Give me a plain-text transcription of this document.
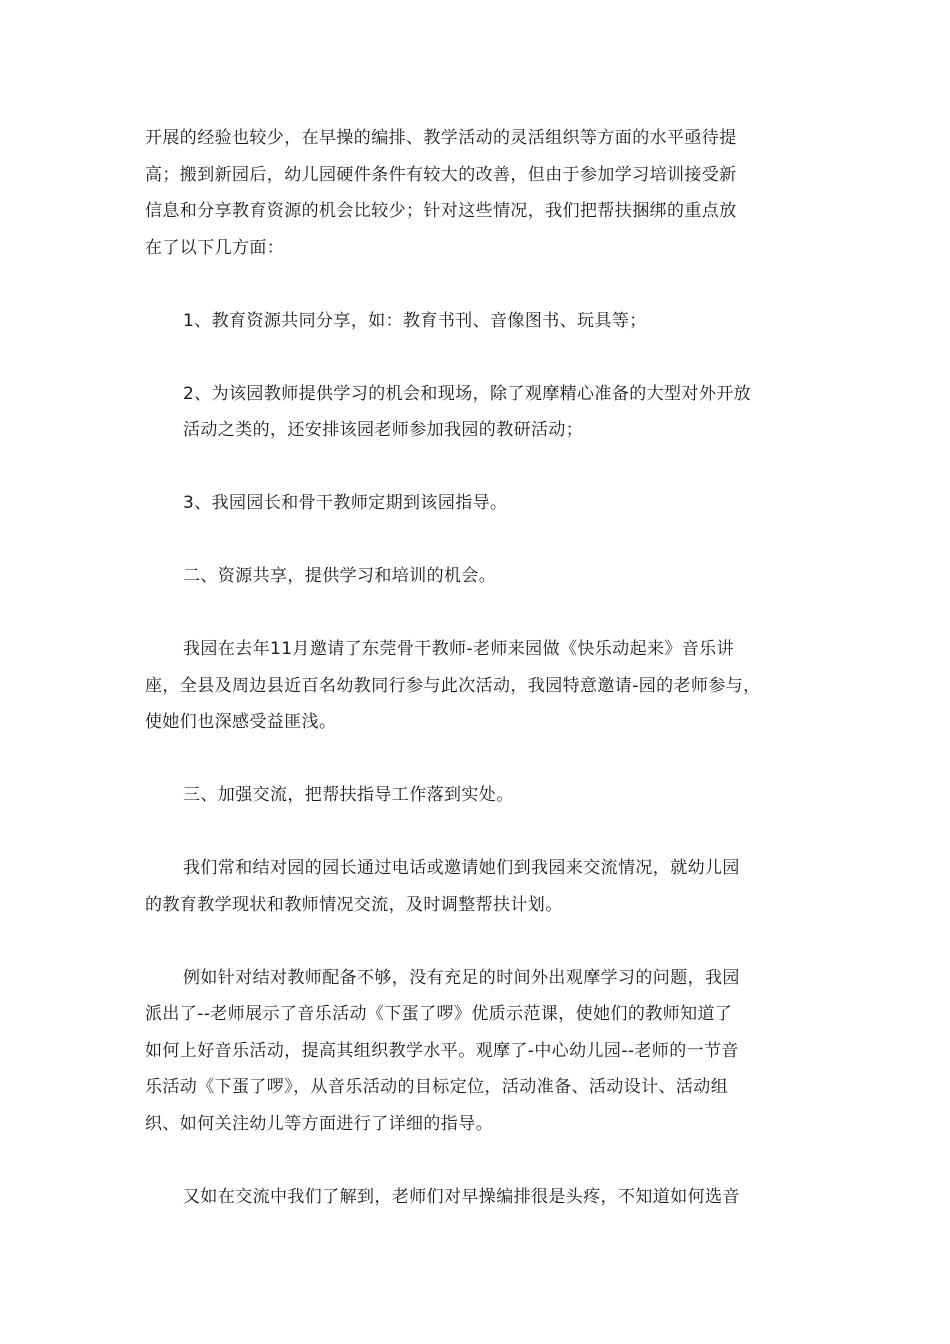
开展的经验也较少，在早操的编排、教学活动的灵活组织等方面的水平亟待提
高；搬到新园后，幼儿园硬件条件有较大的改善，但由于参加学习培训接受新
信息和分享教育资源的机会比较少；针对这些情况，我们把帮扶捆绑的重点放
在了以下几方面：

1、教育资源共同分享，如：教育书刊、音像图书、玩具等；

2、为该园教师提供学习的机会和现场，除了观摩精心准备的大型对外开放
活动之类的，还安排该园老师参加我园的教研活动；

3、我园园长和骨干教师定期到该园指导。

二、资源共享，提供学习和培训的机会。

我园在去年11月邀请了东莞骨干教师-老师来园做《快乐动起来》音乐讲
座，全县及周边县近百名幼教同行参与此次活动，我园特意邀请-园的老师参与，
使她们也深感受益匪浅。

三、加强交流，把帮扶指导工作落到实处。

我们常和结对园的园长通过电话或邀请她们到我园来交流情况，就幼儿园
的教育教学现状和教师情况交流，及时调整帮扶计划。

例如针对结对教师配备不够，没有充足的时间外出观摩学习的问题，我园
派出了--老师展示了音乐活动《下蛋了啰》优质示范课，使她们的教师知道了
如何上好音乐活动，提高其组织教学水平。观摩了-中心幼儿园--老师的一节音
乐活动《下蛋了啰》，从音乐活动的目标定位，活动准备、活动设计、活动组
织、如何关注幼儿等方面进行了详细的指导。

又如在交流中我们了解到，老师们对早操编排很是头疼，不知道如何选音
